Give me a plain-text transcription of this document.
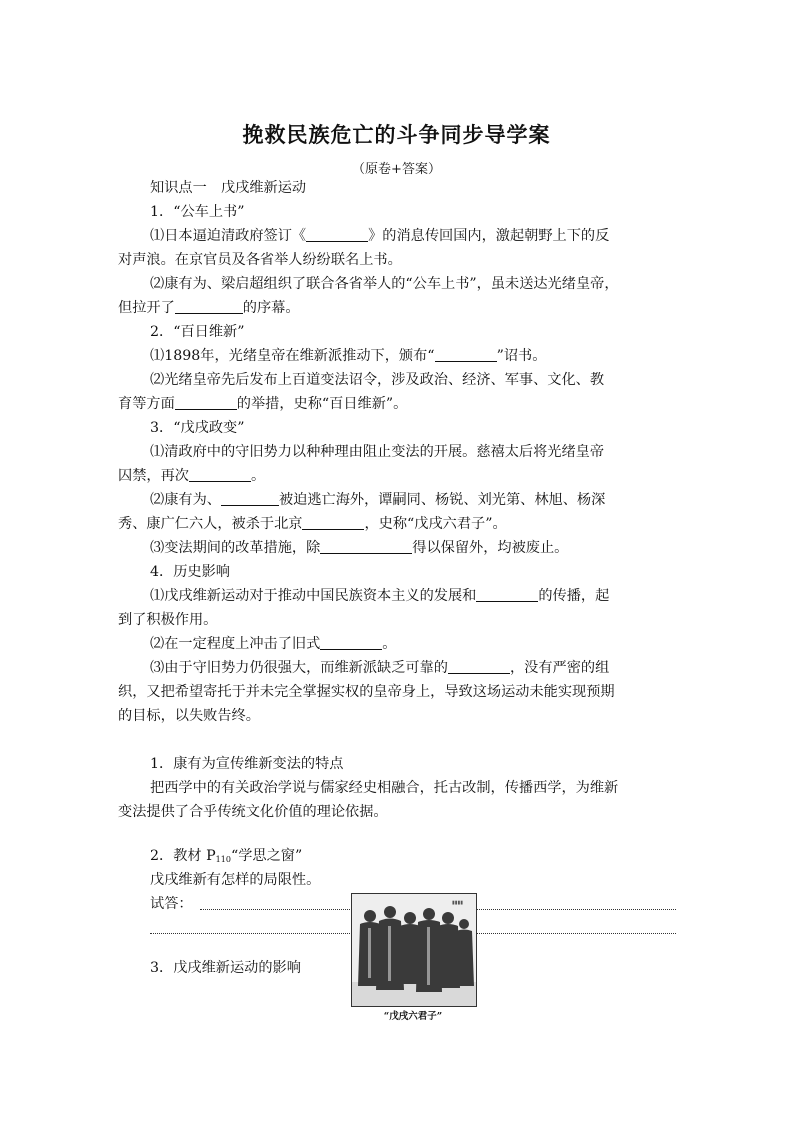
挽救民族危亡的斗争同步导学案
（原卷+答案）
知识点一　戊戌维新运动
1．“公车上书”
⑴日本逼迫清政府签订《	》的消息传回国内，激起朝野上下的反
对声浪。在京官员及各省举人纷纷联名上书。
⑵康有为、梁启超组织了联合各省举人的“公车上书”，虽未送达光绪皇帝，
但拉开了	的序幕。
2．“百日维新”
⑴1898年，光绪皇帝在维新派推动下，颁布“	”诏书。
⑵光绪皇帝先后发布上百道变法诏令，涉及政治、经济、军事、文化、教
育等方面	的举措，史称“百日维新”。
3．“戊戌政变”
⑴清政府中的守旧势力以种种理由阻止变法的开展。慈禧太后将光绪皇帝
囚禁，再次	。
⑵康有为、	被迫逃亡海外，谭嗣同、杨锐、刘光第、林旭、杨深
秀、康广仁六人，被杀于北京	，史称“戊戌六君子”。
⑶变法期间的改革措施，除	得以保留外，均被废止。
4．历史影响
⑴戊戌维新运动对于推动中国民族资本主义的发展和	的传播，起
到了积极作用。
⑵在一定程度上冲击了旧式	。
⑶由于守旧势力仍很强大，而维新派缺乏可靠的	，没有严密的组
织，又把希望寄托于并未完全掌握实权的皇帝身上，导致这场运动未能实现预期
的目标，以失败告终。
1．康有为宣传维新变法的特点
把西学中的有关政治学说与儒家经史相融合，托古改制，传播西学，为维新
变法提供了合乎传统文化价值的理论依据。
2．教材 $P_{110}“$学思之窗”
戊戌维新有怎样的局限性。
试答：
3．戊戌维新运动的影响
▮▮▮▮
“戊戌六君子”
